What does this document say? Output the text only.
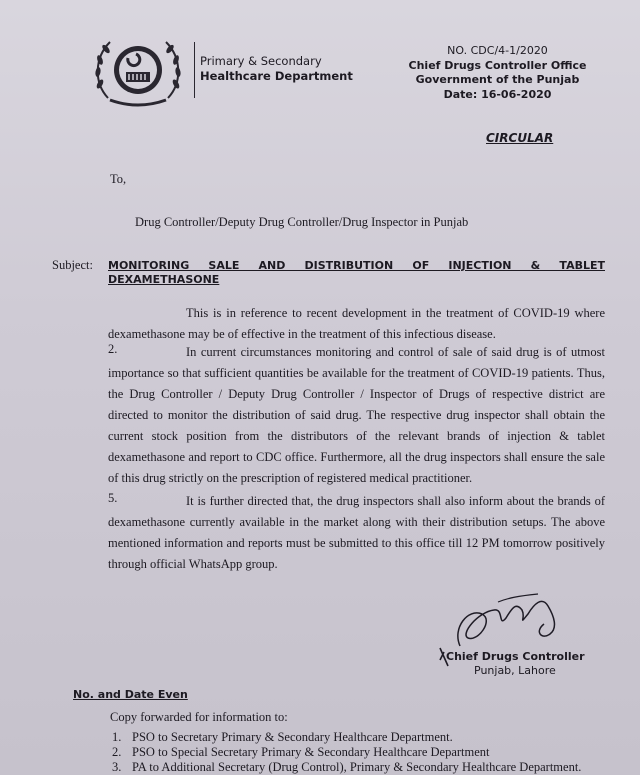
Primary & Secondary
Healthcare Department
NO. CDC/4-1/2020
Chief Drugs Controller Office
Government of the Punjab
Date: 16-06-2020
CIRCULAR
To,
Drug Controller/Deputy Drug Controller/Drug Inspector in Punjab
Subject: MONITORING SALE AND DISTRIBUTION OF INJECTION & TABLET
DEXAMETHASONE
This is in reference to recent development in the treatment of COVID-19 where dexamethasone may be of effective in the treatment of this infectious disease.
2.	In current circumstances monitoring and control of sale of said drug is of utmost importance so that sufficient quantities be available for the treatment of COVID-19 patients. Thus, the Drug Controller / Deputy Drug Controller / Inspector of Drugs of respective district are directed to monitor the distribution of said drug. The respective drug inspector shall obtain the current stock position from the distributors of the relevant brands of injection & tablet dexamethasone and report to CDC office. Furthermore, all the drug inspectors shall ensure the sale of this drug strictly on the prescription of registered medical practitioner.
5.	It is further directed that, the drug inspectors shall also inform about the brands of dexamethasone currently available in the market along with their distribution setups. The above mentioned information and reports must be submitted to this office till 12 PM tomorrow positively through official WhatsApp group.
Chief Drugs Controller
Punjab, Lahore
No. and Date Even
Copy forwarded for information to:
1. PSO to Secretary Primary & Secondary Healthcare Department.
2. PSO to Special Secretary Primary & Secondary Healthcare Department
3. PA to Additional Secretary (Drug Control), Primary & Secondary Healthcare Department.
